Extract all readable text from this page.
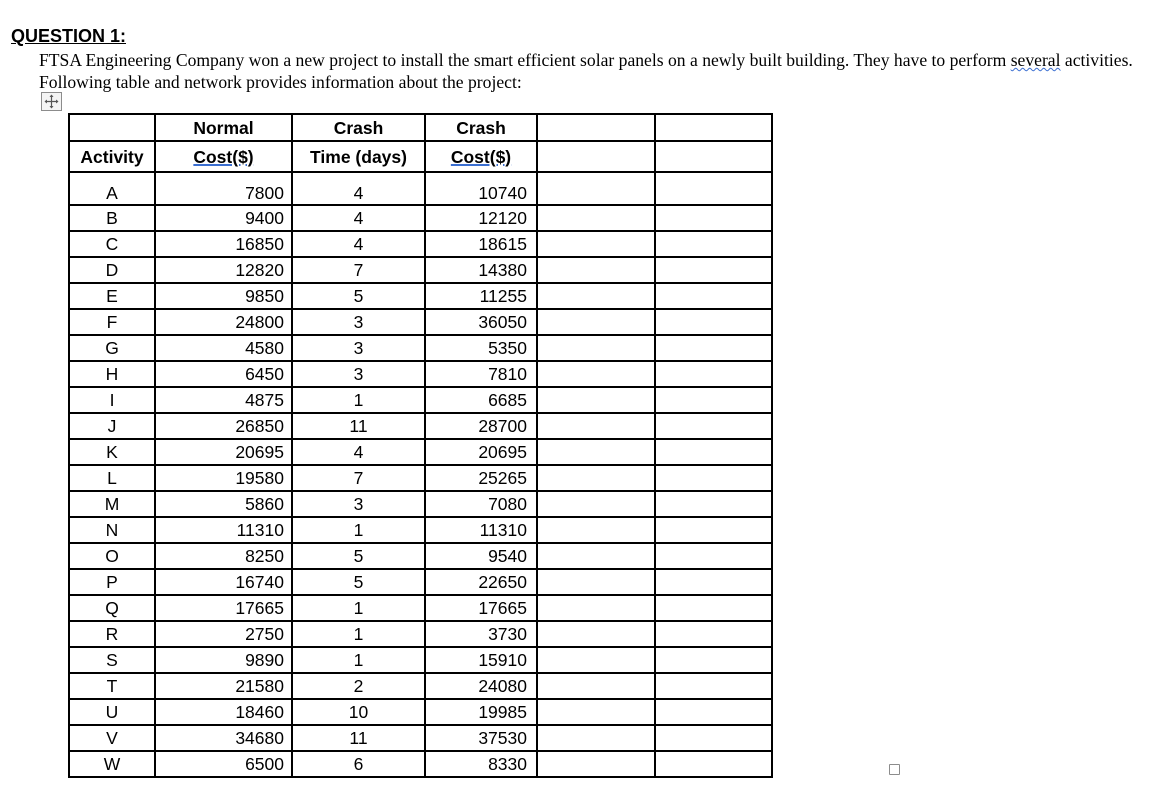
QUESTION 1:
FTSA Engineering Company won a new project to install the smart efficient solar panels on a newly built building. They have to perform several activities. Following table and network provides information about the project:
	Normal	Crash	Crash		
Activity	Cost($)	Time (days)	Cost($)		
A	7800	4	10740		
B	9400	4	12120		
C	16850	4	18615		
D	12820	7	14380		
E	9850	5	11255		
F	24800	3	36050		
G	4580	3	5350		
H	6450	3	7810		
I	4875	1	6685		
J	26850	11	28700		
K	20695	4	20695		
L	19580	7	25265		
M	5860	3	7080		
N	11310	1	11310		
O	8250	5	9540		
P	16740	5	22650		
Q	17665	1	17665		
R	2750	1	3730		
S	9890	1	15910		
T	21580	2	24080		
U	18460	10	19985		
V	34680	11	37530		
W	6500	6	8330		
